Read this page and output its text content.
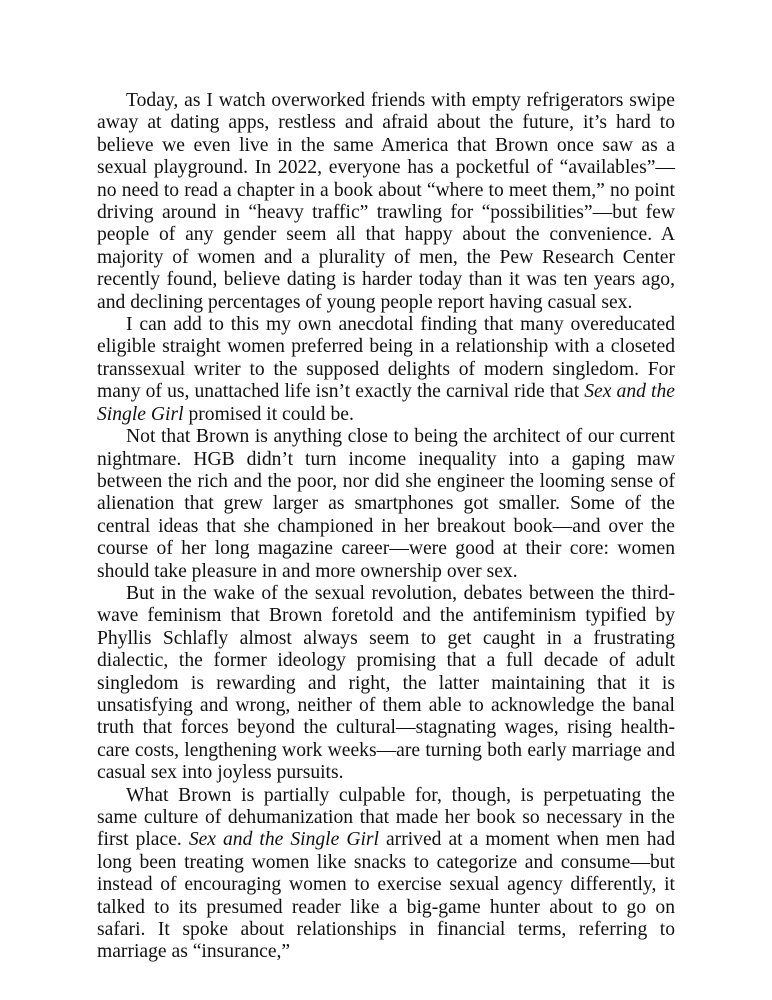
Today, as I watch overworked friends with empty refrigerators swipe away at dating apps, restless and afraid about the future, it’s hard to believe we even live in the same America that Brown once saw as a sexual playground. In 2022, everyone has a pocketful of “availables”—no need to read a chapter in a book about “where to meet them,” no point driving around in “heavy traffic” trawling for “possibilities”—but few people of any gender seem all that happy about the convenience. A majority of women and a plurality of men, the Pew Research Center recently found, believe dating is harder today than it was ten years ago, and declining percentages of young people report having casual sex.

I can add to this my own anecdotal finding that many overeducated eligible straight women preferred being in a relationship with a closeted transsexual writer to the supposed delights of modern singledom. For many of us, unattached life isn’t exactly the carnival ride that Sex and the Single Girl promised it could be.

Not that Brown is anything close to being the architect of our current nightmare. HGB didn’t turn income inequality into a gaping maw between the rich and the poor, nor did she engineer the looming sense of alienation that grew larger as smartphones got smaller. Some of the central ideas that she championed in her breakout book—and over the course of her long magazine career—were good at their core: women should take pleasure in and more ownership over sex.

But in the wake of the sexual revolution, debates between the third-wave feminism that Brown foretold and the antifeminism typified by Phyllis Schlafly almost always seem to get caught in a frustrating dialectic, the former ideology promising that a full decade of adult singledom is rewarding and right, the latter maintaining that it is unsatisfying and wrong, neither of them able to acknowledge the banal truth that forces beyond the cultural—stagnating wages, rising health-care costs, lengthening work weeks—are turning both early marriage and casual sex into joyless pursuits.

What Brown is partially culpable for, though, is perpetuating the same culture of dehumanization that made her book so necessary in the first place. Sex and the Single Girl arrived at a moment when men had long been treating women like snacks to categorize and consume—but instead of encouraging women to exercise sexual agency differently, it talked to its presumed reader like a big-game hunter about to go on safari. It spoke about relationships in financial terms, referring to marriage as “insurance,”
